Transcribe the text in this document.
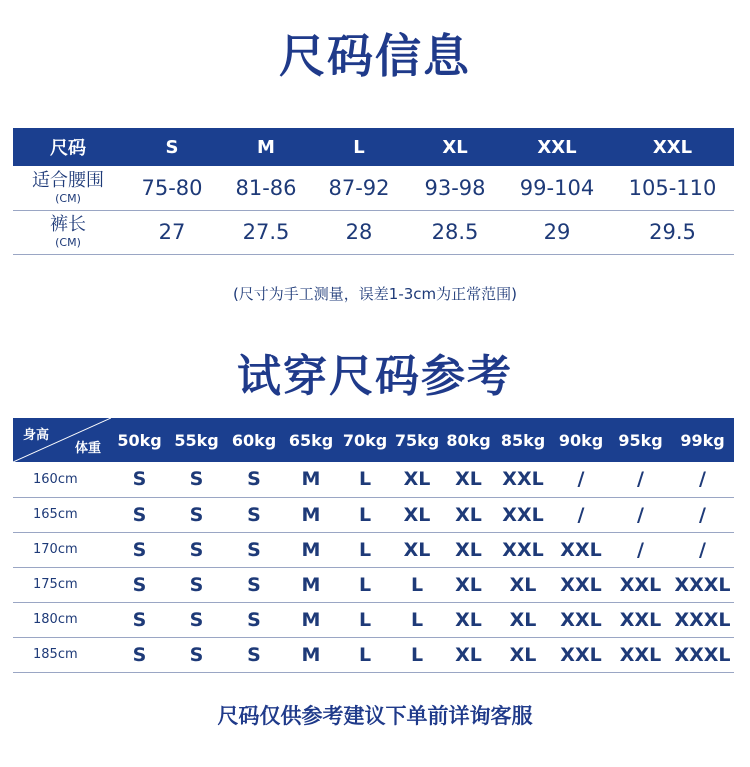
尺码信息
尺码	S	M	L	XL	XXL	XXL

适合腰围
(CM)	75-80	81-86	87-92	93-98	99-104	105-110

裤长
(CM)	27	27.5	28	28.5	29	29.5
(尺寸为手工测量，误差1-3cm为正常范围)
试穿尺码参考
身高
体重	50kg	55kg	60kg	65kg	70kg	75kg	80kg	85kg	90kg	95kg	99kg
160cm	S	S	S	M	L	XL	XL	XXL	/	/	/
165cm	S	S	S	M	L	XL	XL	XXL	/	/	/
170cm	S	S	S	M	L	XL	XL	XXL	XXL	/	/
175cm	S	S	S	M	L	L	XL	XL	XXL	XXL	XXXL
180cm	S	S	S	M	L	L	XL	XL	XXL	XXL	XXXL
185cm	S	S	S	M	L	L	XL	XL	XXL	XXL	XXXL
尺码仅供参考建议下单前详询客服
